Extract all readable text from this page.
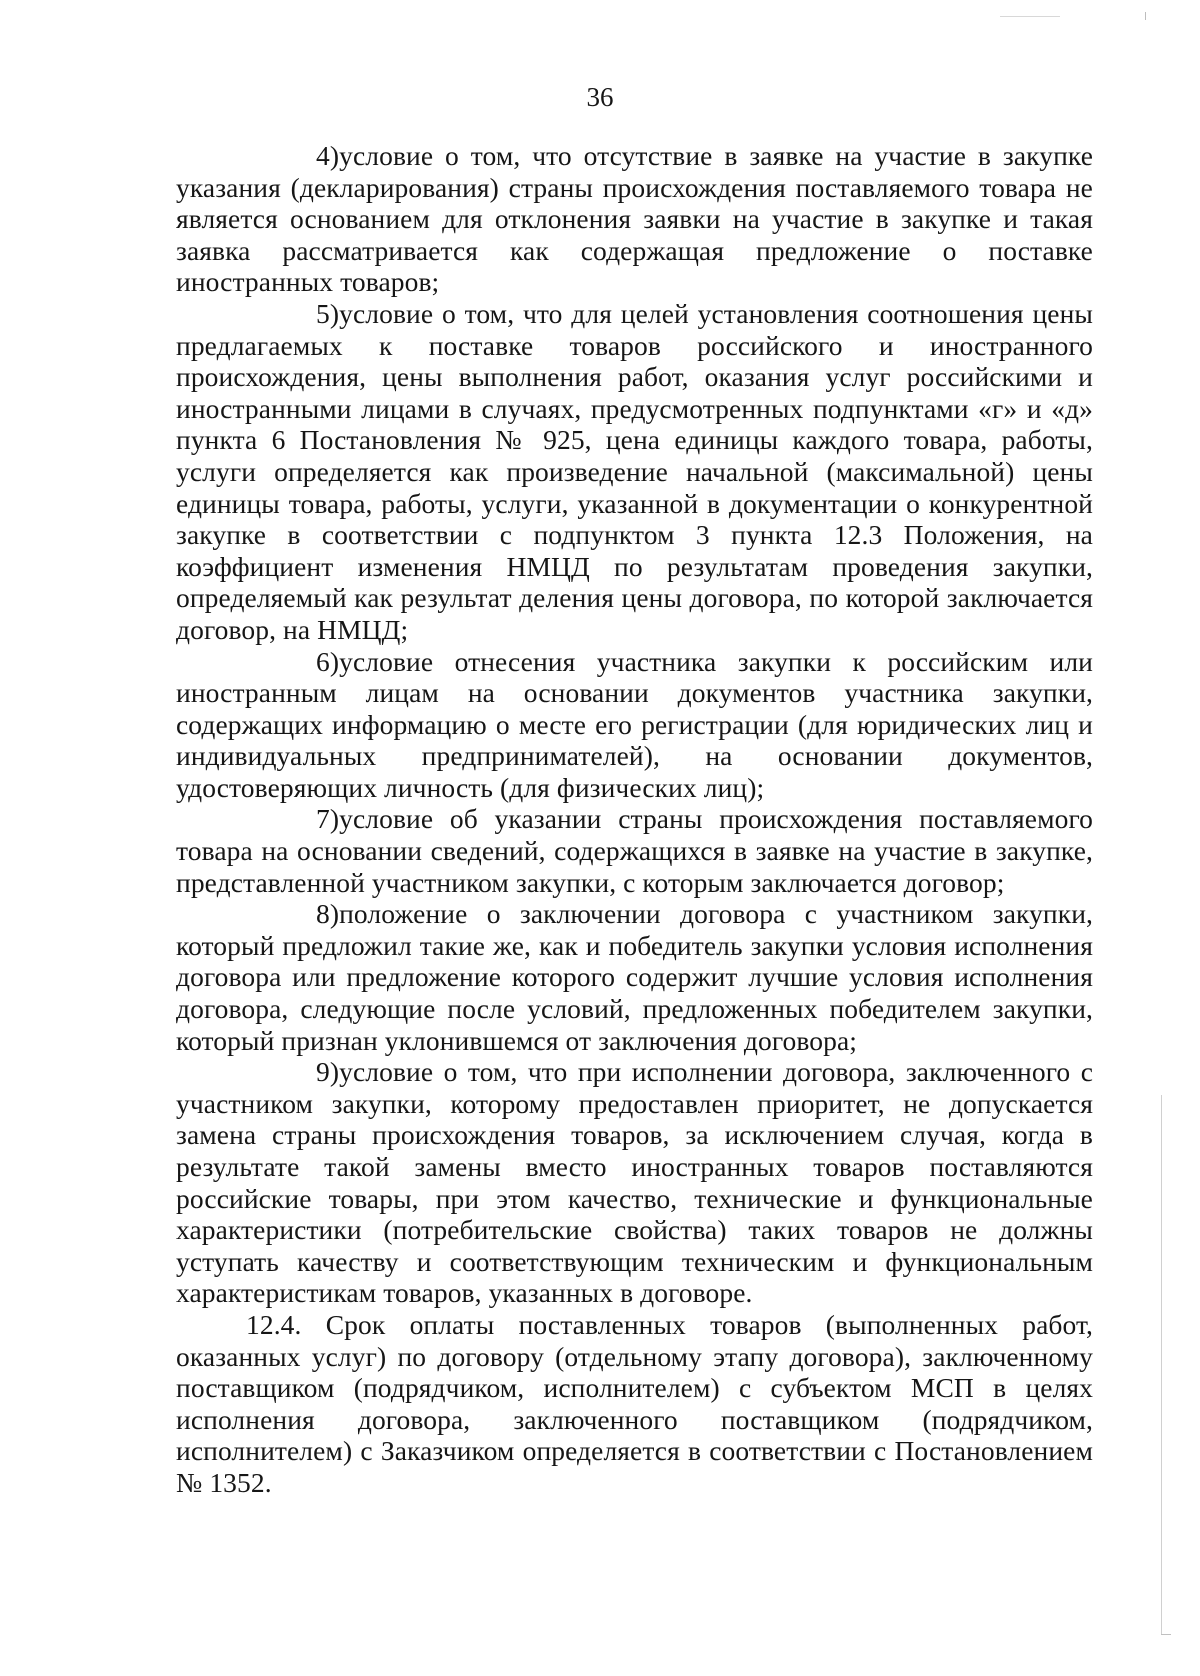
36

4)условие о том, что отсутствие в заявке на участие в закупке указания (декларирования) страны происхождения поставляемого товара не является основанием для отклонения заявки на участие в закупке и такая заявка рассматривается как содержащая предложение о поставке иностранных товаров;

5)условие о том, что для целей установления соотношения цены предлагаемых к поставке товаров российского и иностранного происхождения, цены выполнения работ, оказания услуг российскими и иностранными лицами в случаях, предусмотренных подпунктами «г» и «д» пункта 6 Постановления № 925, цена единицы каждого товара, работы, услуги определяется как произведение начальной (максимальной) цены единицы товара, работы, услуги, указанной в документации о конкурентной закупке в соответствии с подпунктом 3 пункта 12.3 Положения, на коэффициент изменения НМЦД по результатам проведения закупки, определяемый как результат деления цены договора, по которой заключается договор, на НМЦД;

6)условие отнесения участника закупки к российским или иностранным лицам на основании документов участника закупки, содержащих информацию о месте его регистрации (для юридических лиц и индивидуальных предпринимателей), на основании документов, удостоверяющих личность (для физических лиц);

7)условие об указании страны происхождения поставляемого товара на основании сведений, содержащихся в заявке на участие в закупке, представленной участником закупки, с которым заключается договор;

8)положение о заключении договора с участником закупки, который предложил такие же, как и победитель закупки условия исполнения договора или предложение которого содержит лучшие условия исполнения договора, следующие после условий, предложенных победителем закупки, который признан уклонившемся от заключения договора;

9)условие о том, что при исполнении договора, заключенного с участником закупки, которому предоставлен приоритет, не допускается замена страны происхождения товаров, за исключением случая, когда в результате такой замены вместо иностранных товаров поставляются российские товары, при этом качество, технические и функциональные характеристики (потребительские свойства) таких товаров не должны уступать качеству и соответствующим техническим и функциональным характеристикам товаров, указанных в договоре.

12.4. Срок оплаты поставленных товаров (выполненных работ, оказанных услуг) по договору (отдельному этапу договора), заключенному поставщиком (подрядчиком, исполнителем) с субъектом МСП в целях исполнения договора, заключенного поставщиком (подрядчиком, исполнителем) с Заказчиком определяется в соответствии с Постановлением № 1352.
